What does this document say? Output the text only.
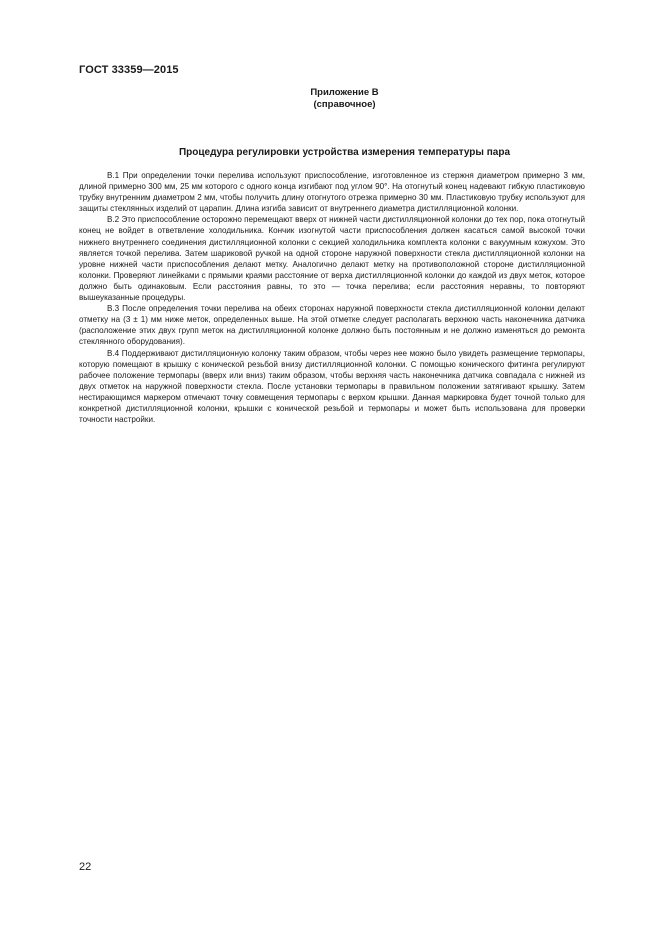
ГОСТ 33359—2015
Приложение В
(справочное)
Процедура регулировки устройства измерения температуры пара

В.1 При определении точки перелива используют приспособление, изготовленное из стержня диаметром примерно 3 мм, длиной примерно 300 мм, 25 мм которого с одного конца изгибают под углом 90°. На отогнутый конец надевают гибкую пластиковую трубку внутренним диаметром 2 мм, чтобы получить длину отогнутого отрезка примерно 30 мм. Пластиковую трубку используют для защиты стеклянных изделий от царапин. Длина изгиба зависит от внутреннего диаметра дистилляционной колонки.

В.2 Это приспособление осторожно перемещают вверх от нижней части дистилляционной колонки до тех пор, пока отогнутый конец не войдет в ответвление холодильника. Кончик изогнутой части приспособления должен касаться самой высокой точки нижнего внутреннего соединения дистилляционной колонки с секцией холодильника комплекта колонки с вакуумным кожухом. Это является точкой перелива. Затем шариковой ручкой на одной стороне наружной поверхности стекла дистилляционной колонки на уровне нижней части приспособления делают метку. Аналогично делают метку на противоположной стороне дистилляционной колонки. Проверяют линейками с прямыми краями расстояние от верха дистилляционной колонки до каждой из двух меток, которое должно быть одинаковым. Если расстояния равны, то это — точка перелива; если расстояния неравны, то повторяют вышеуказанные процедуры.

В.3 После определения точки перелива на обеих сторонах наружной поверхности стекла дистилляционной колонки делают отметку на (3 ± 1) мм ниже меток, определенных выше. На этой отметке следует располагать верхнюю часть наконечника датчика (расположение этих двух групп меток на дистилляционной колонке должно быть постоянным и не должно изменяться до ремонта стеклянного оборудования).

В.4 Поддерживают дистилляционную колонку таким образом, чтобы через нее можно было увидеть размещение термопары, которую помещают в крышку с конической резьбой внизу дистилляционной колонки. С помощью конического фитинга регулируют рабочее положение термопары (вверх или вниз) таким образом, чтобы верхняя часть наконечника датчика совпадала с нижней из двух отметок на наружной поверхности стекла. После установки термопары в правильном положении затягивают крышку. Затем нестирающимся маркером отмечают точку совмещения термопары с верхом крышки. Данная маркировка будет точной только для конкретной дистилляционной колонки, крышки с конической резьбой и термопары и может быть использована для проверки точности настройки.

22
